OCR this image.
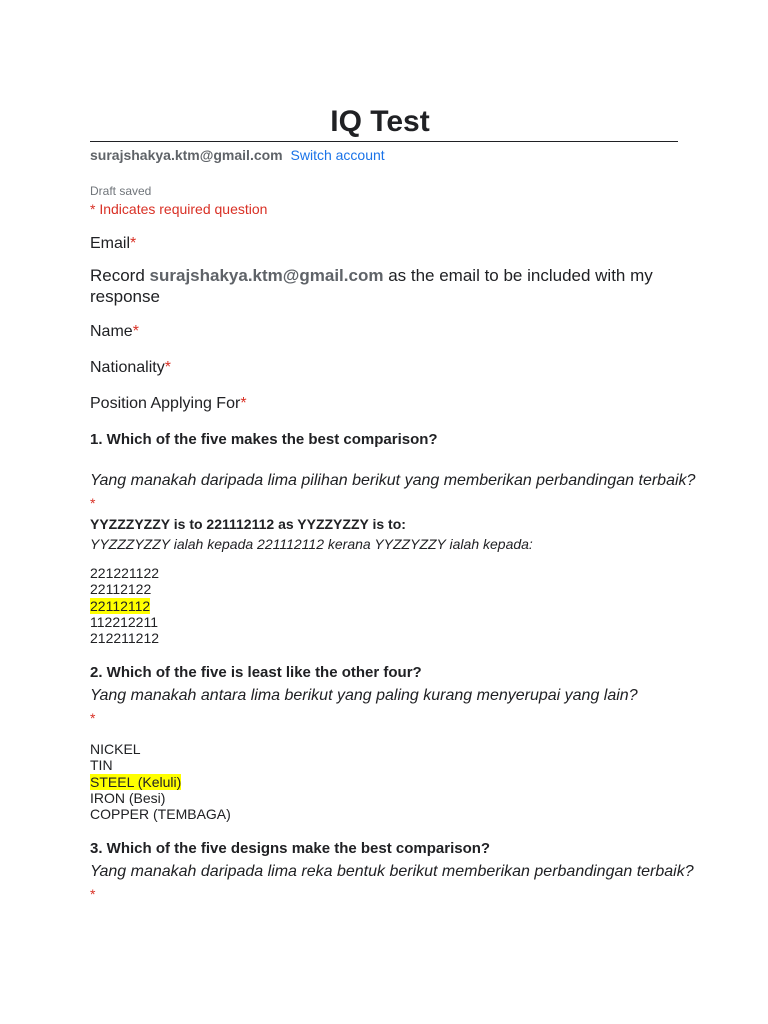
IQ Test
surajshakya.ktm@gmail.com Switch account
Draft saved
* Indicates required question
Email*
Record surajshakya.ktm@gmail.com as the email to be included with my response
Name*
Nationality*
Position Applying For*
1. Which of the five makes the best comparison?
Yang manakah daripada lima pilihan berikut yang memberikan perbandingan terbaik?
*
YYZZZYZZY is to 221112112 as YYZZYZZY is to:
YYZZZYZZY ialah kepada 221112112 kerana YYZZYZZY ialah kepada:
221221122
22112122
22112112
112212211
212211212
2. Which of the five is least like the other four?
Yang manakah antara lima berikut yang paling kurang menyerupai yang lain?
*
NICKEL
TIN
STEEL (Keluli)
IRON (Besi)
COPPER (TEMBAGA)
3. Which of the five designs make the best comparison?
Yang manakah daripada lima reka bentuk berikut memberikan perbandingan terbaik?
*
